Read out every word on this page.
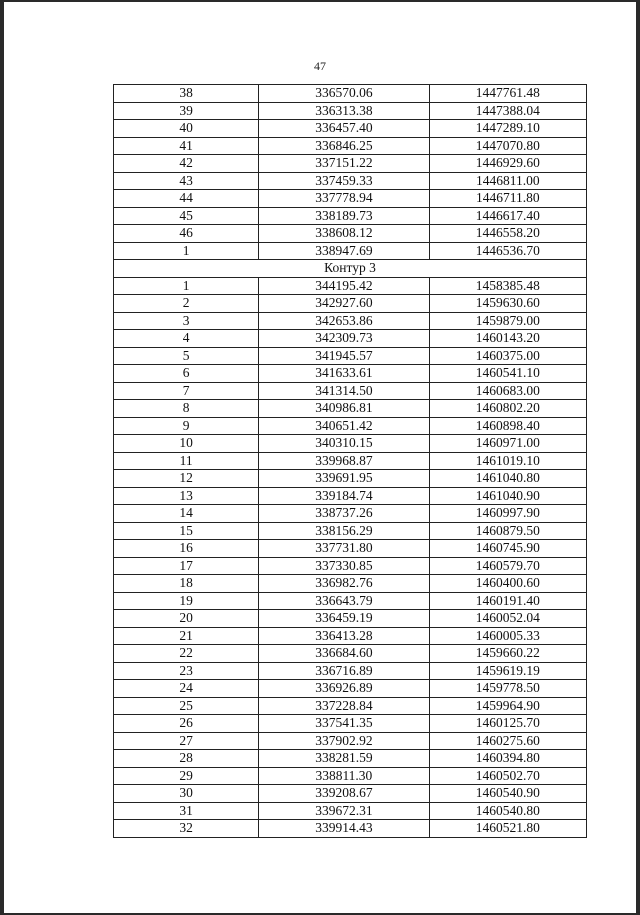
47
38	336570.06	1447761.48
39	336313.38	1447388.04
40	336457.40	1447289.10
41	336846.25	1447070.80
42	337151.22	1446929.60
43	337459.33	1446811.00
44	337778.94	1446711.80
45	338189.73	1446617.40
46	338608.12	1446558.20
1	338947.69	1446536.70
Контур 3		
1	344195.42	1458385.48
2	342927.60	1459630.60
3	342653.86	1459879.00
4	342309.73	1460143.20
5	341945.57	1460375.00
6	341633.61	1460541.10
7	341314.50	1460683.00
8	340986.81	1460802.20
9	340651.42	1460898.40
10	340310.15	1460971.00
11	339968.87	1461019.10
12	339691.95	1461040.80
13	339184.74	1461040.90
14	338737.26	1460997.90
15	338156.29	1460879.50
16	337731.80	1460745.90
17	337330.85	1460579.70
18	336982.76	1460400.60
19	336643.79	1460191.40
20	336459.19	1460052.04
21	336413.28	1460005.33
22	336684.60	1459660.22
23	336716.89	1459619.19
24	336926.89	1459778.50
25	337228.84	1459964.90
26	337541.35	1460125.70
27	337902.92	1460275.60
28	338281.59	1460394.80
29	338811.30	1460502.70
30	339208.67	1460540.90
31	339672.31	1460540.80
32	339914.43	1460521.80
